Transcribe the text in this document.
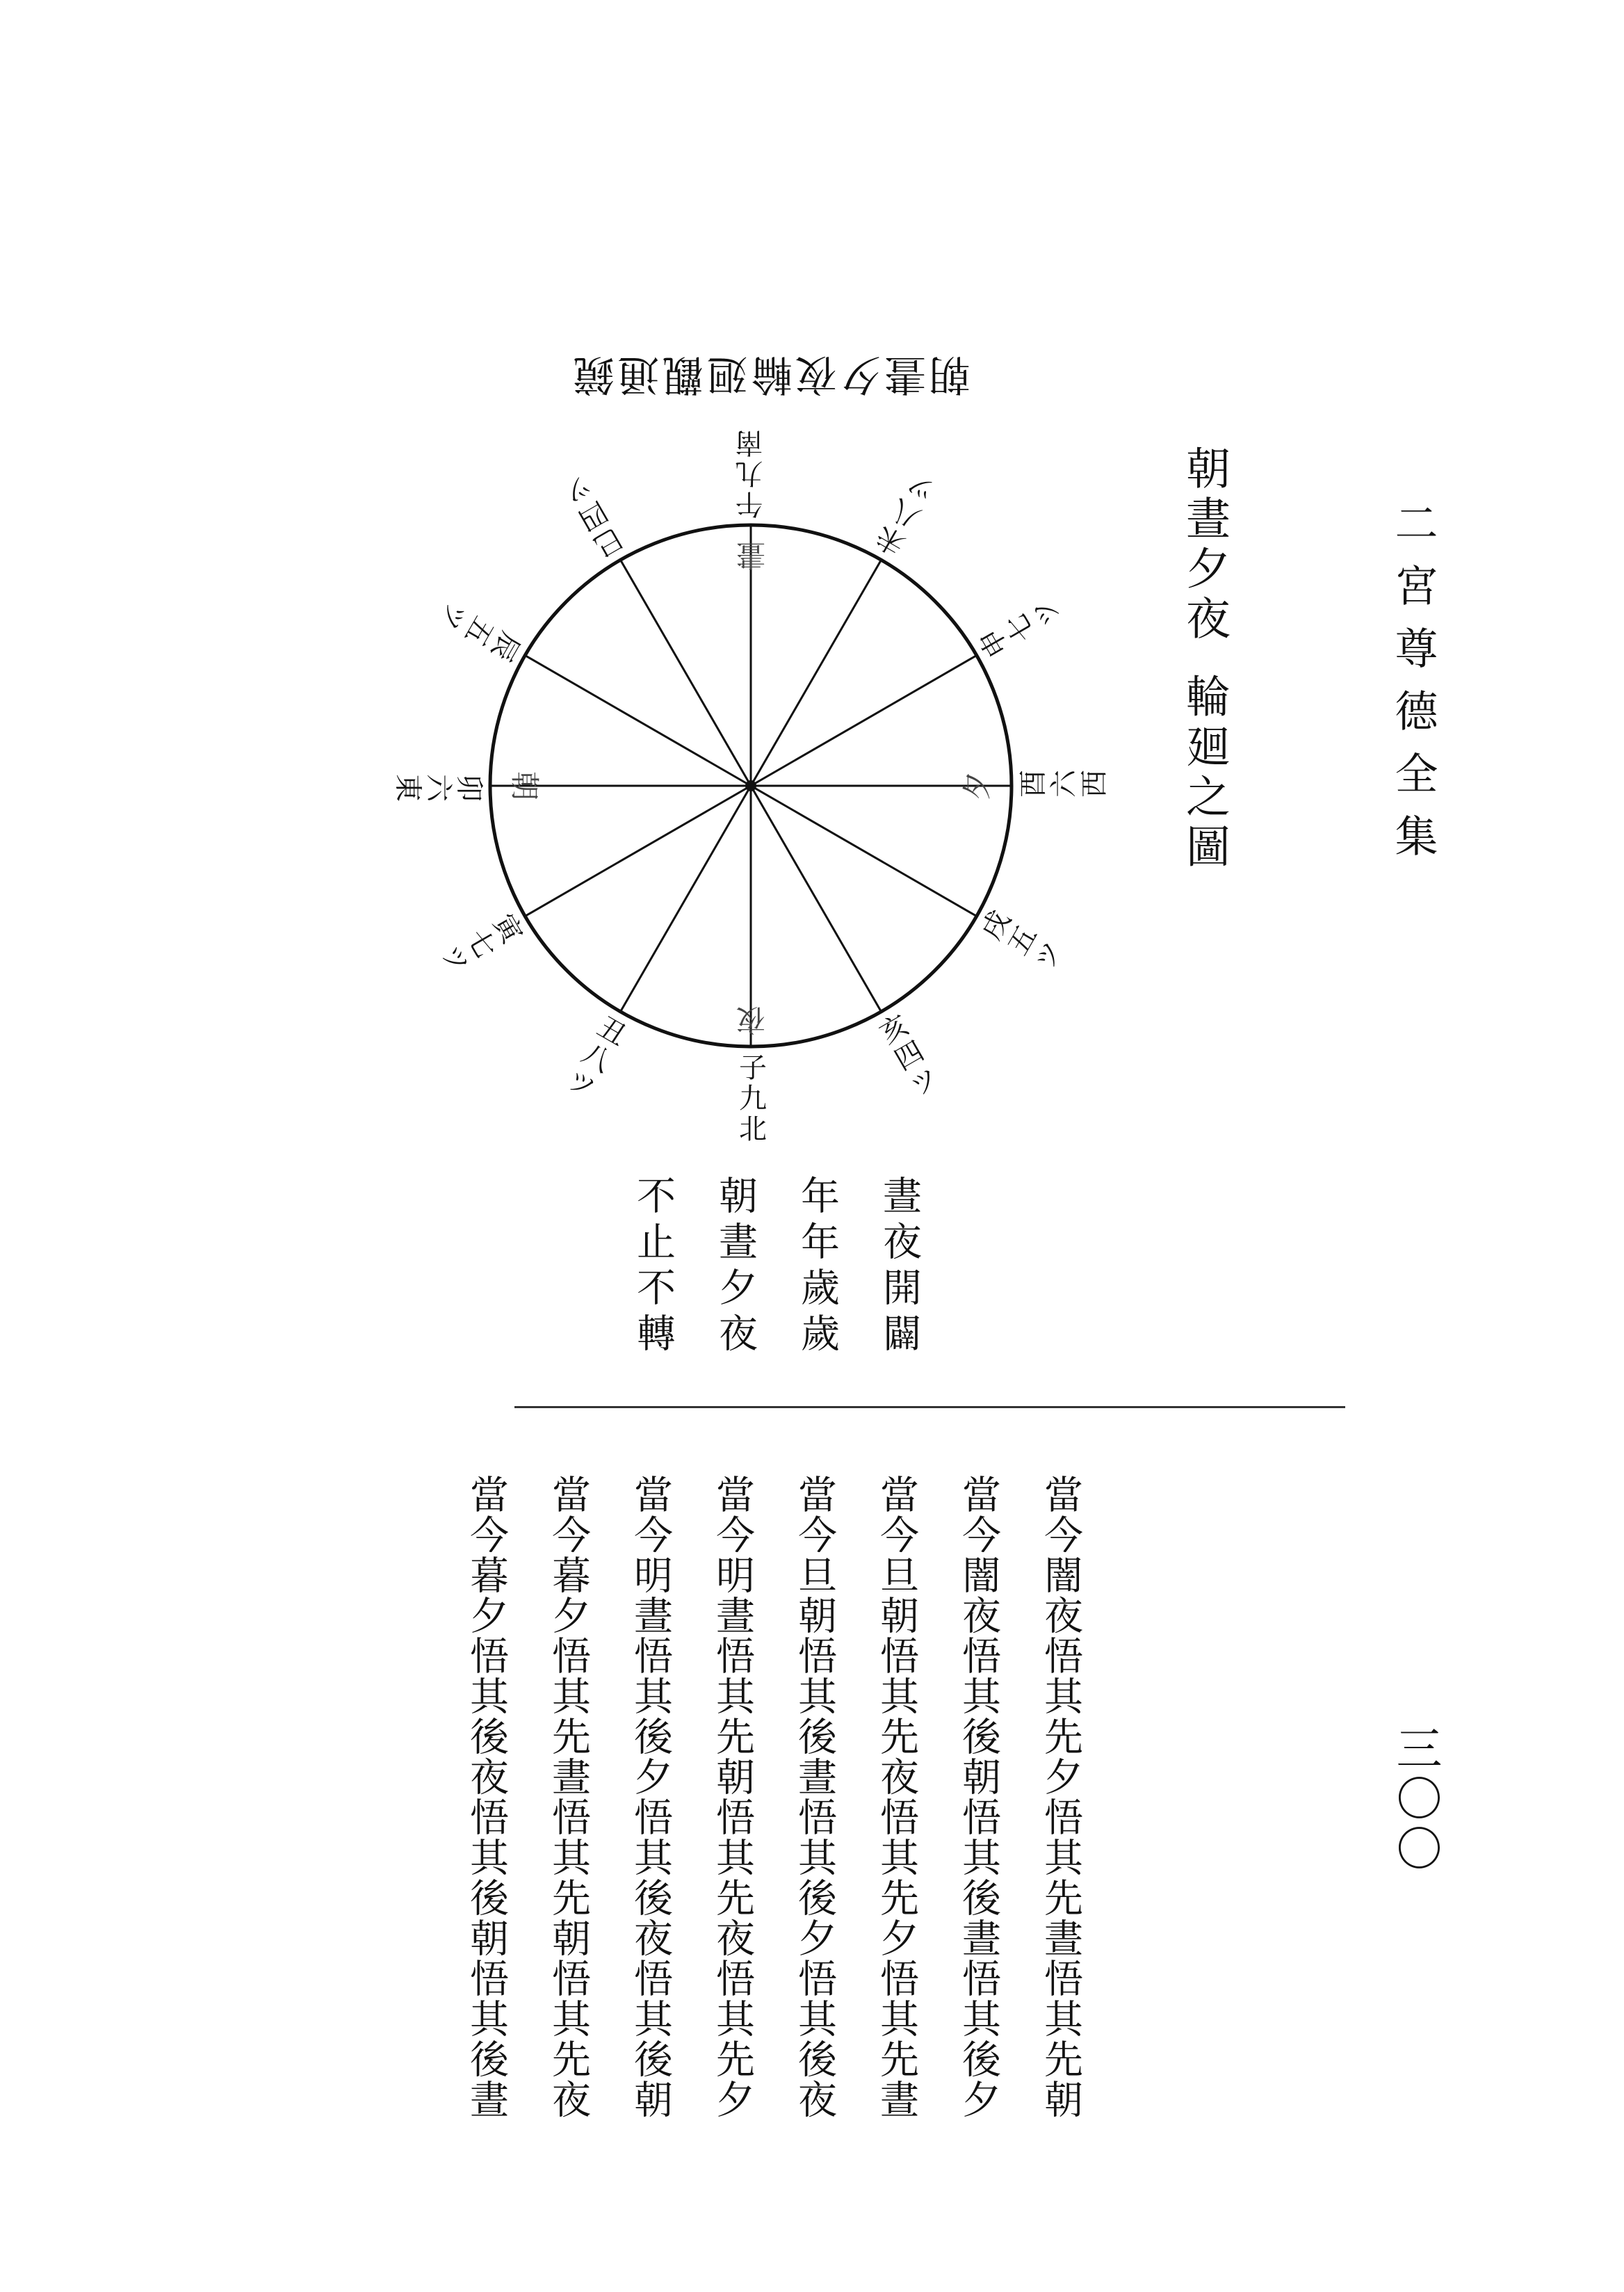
二宮尊德全集
三〇〇
朝晝夕夜輪廻觀通鏡
朝晝夕夜輪廻之圖
晝
夜
朝	夕
午九南	未八ツ
申七ツ
酉六西
戌五ツ
亥四ツ
子九北
丑八ツ
寅七ツ
卯六東
辰五ツ
巳四ツ
晝夜開闢
年年歲歲
朝晝夕夜
不止不轉
當今闇夜悟其先夕悟其先晝悟其先朝
當今闇夜悟其後朝悟其後晝悟其後夕
當今旦朝悟其先夜悟其先夕悟其先晝
當今旦朝悟其後晝悟其後夕悟其後夜
當今明晝悟其先朝悟其先夜悟其先夕
當今明晝悟其後夕悟其後夜悟其後朝
當今暮夕悟其先晝悟其先朝悟其先夜
當今暮夕悟其後夜悟其後朝悟其後晝
